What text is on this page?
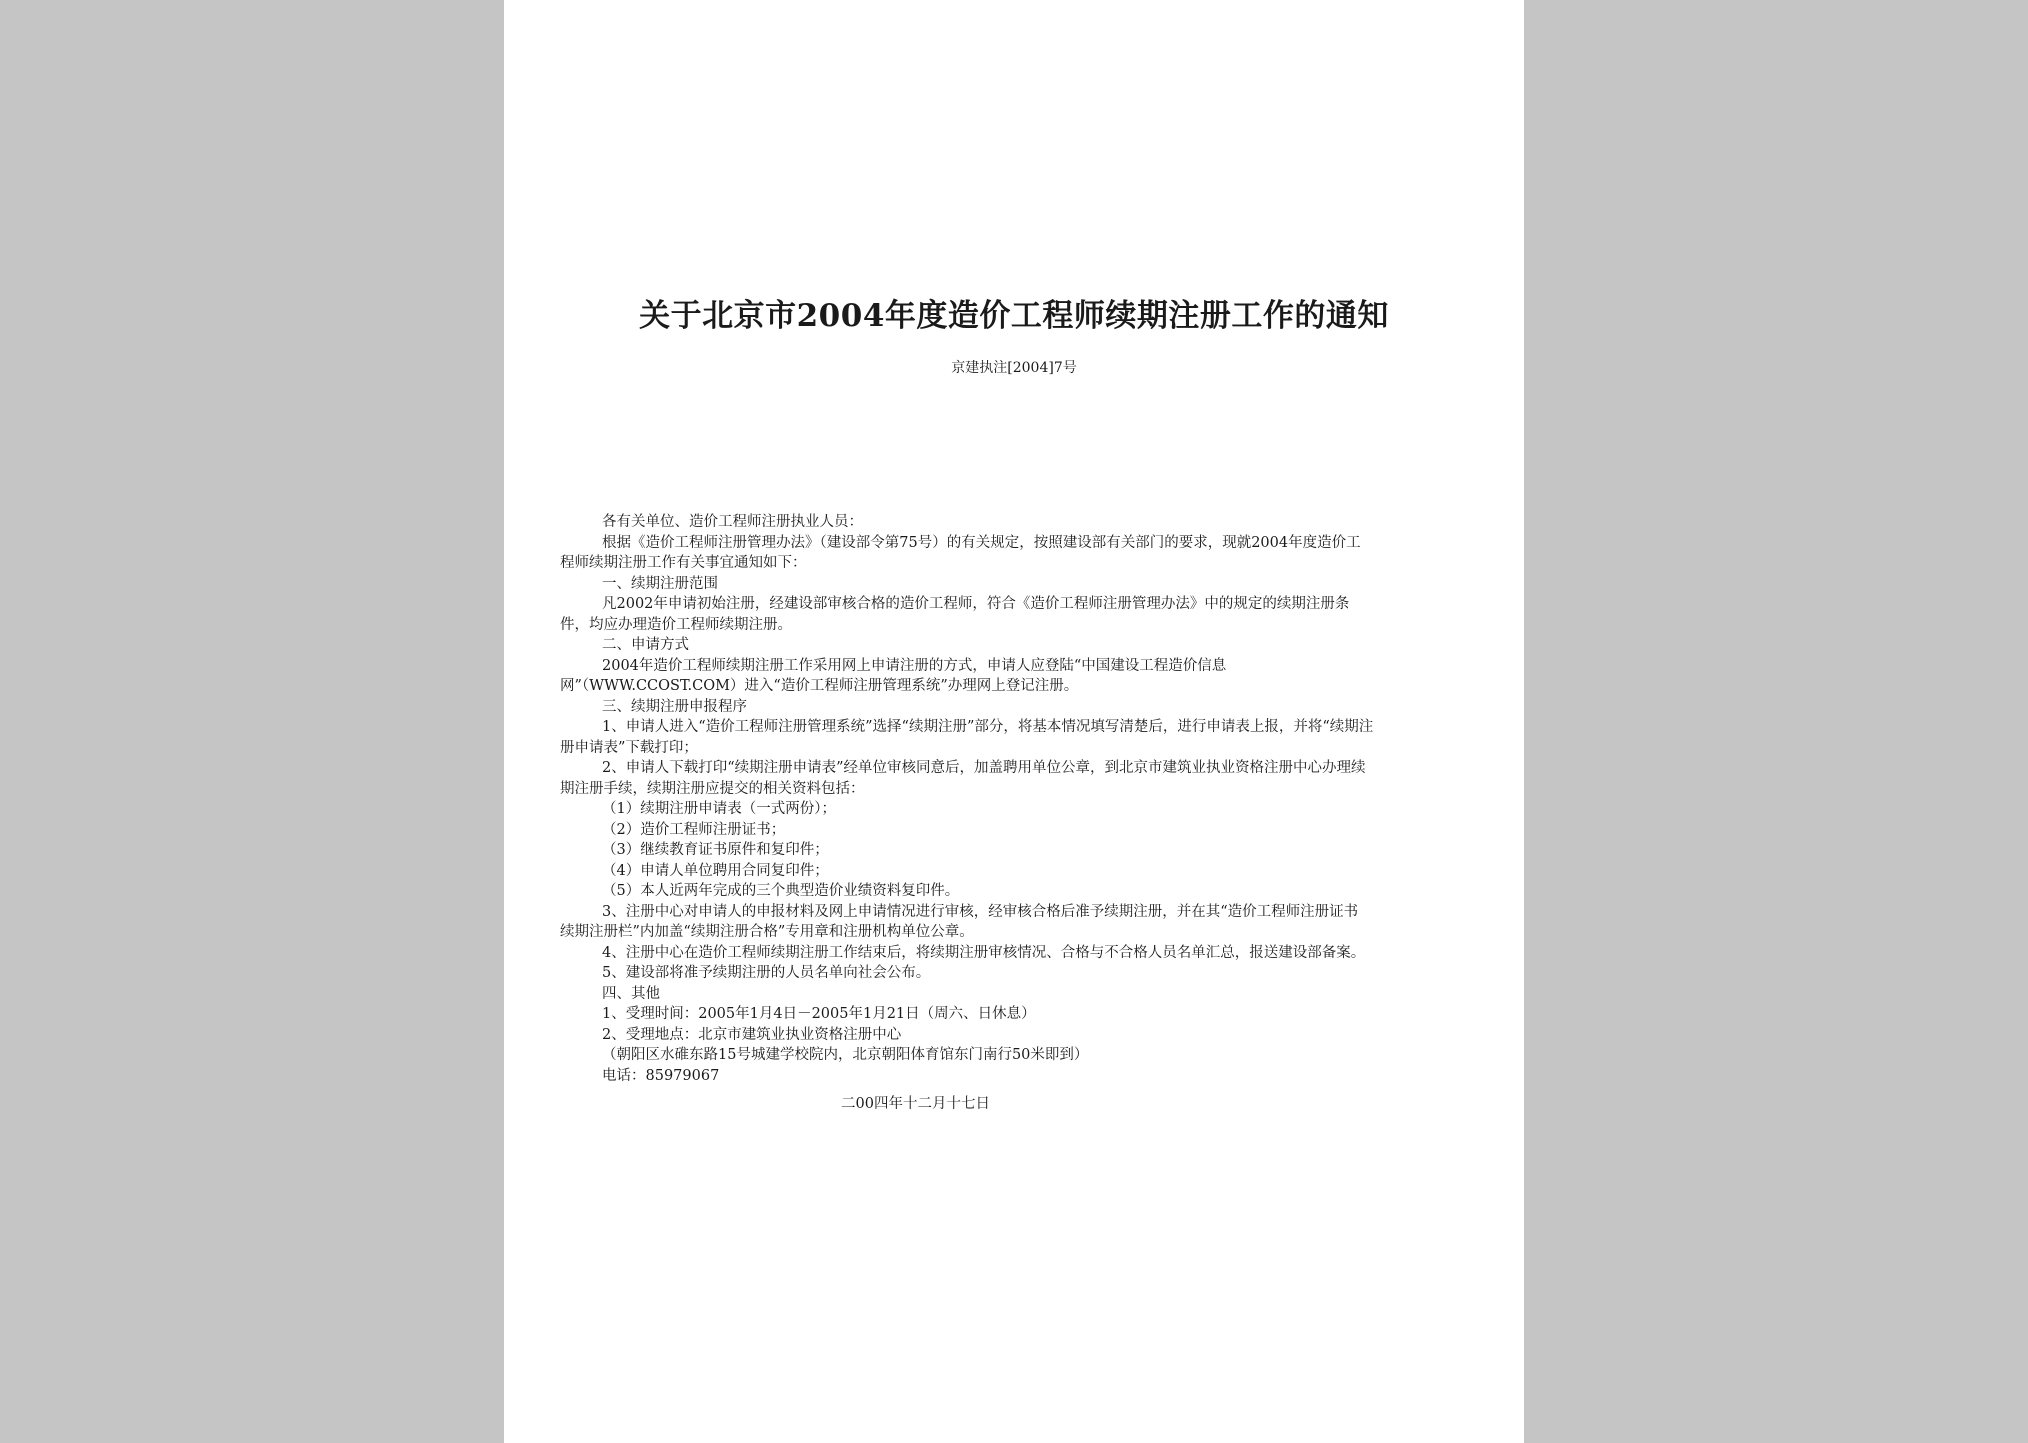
关于北京市2004年度造价工程师续期注册工作的通知
京建执注[2004]7号
各有关单位、造价工程师注册执业人员：
根据《造价工程师注册管理办法》（建设部令第75号）的有关规定，按照建设部有关部门的要求，现就2004年度造价工
程师续期注册工作有关事宜通知如下：
一、续期注册范围
凡2002年申请初始注册，经建设部审核合格的造价工程师，符合《造价工程师注册管理办法》中的规定的续期注册条
件，均应办理造价工程师续期注册。
二、申请方式
2004年造价工程师续期注册工作采用网上申请注册的方式，申请人应登陆“中国建设工程造价信息
网”（WWW.CCOST.COM）进入“造价工程师注册管理系统”办理网上登记注册。
三、续期注册申报程序
1、申请人进入“造价工程师注册管理系统”选择“续期注册”部分，将基本情况填写清楚后，进行申请表上报，并将“续期注
册申请表”下载打印；
2、申请人下载打印“续期注册申请表”经单位审核同意后，加盖聘用单位公章，到北京市建筑业执业资格注册中心办理续
期注册手续，续期注册应提交的相关资料包括：
（1）续期注册申请表（一式两份）；
（2）造价工程师注册证书；
（3）继续教育证书原件和复印件；
（4）申请人单位聘用合同复印件；
（5）本人近两年完成的三个典型造价业绩资料复印件。
3、注册中心对申请人的申报材料及网上申请情况进行审核，经审核合格后准予续期注册，并在其“造价工程师注册证书
续期注册栏”内加盖“续期注册合格”专用章和注册机构单位公章。
4、注册中心在造价工程师续期注册工作结束后，将续期注册审核情况、合格与不合格人员名单汇总，报送建设部备案。
5、建设部将准予续期注册的人员名单向社会公布。
四、其他
1、受理时间：2005年1月4日－2005年1月21日（周六、日休息）
2、受理地点：北京市建筑业执业资格注册中心
（朝阳区水碓东路15号城建学校院内，北京朝阳体育馆东门南行50米即到）
电话：85979067
二00四年十二月十七日
